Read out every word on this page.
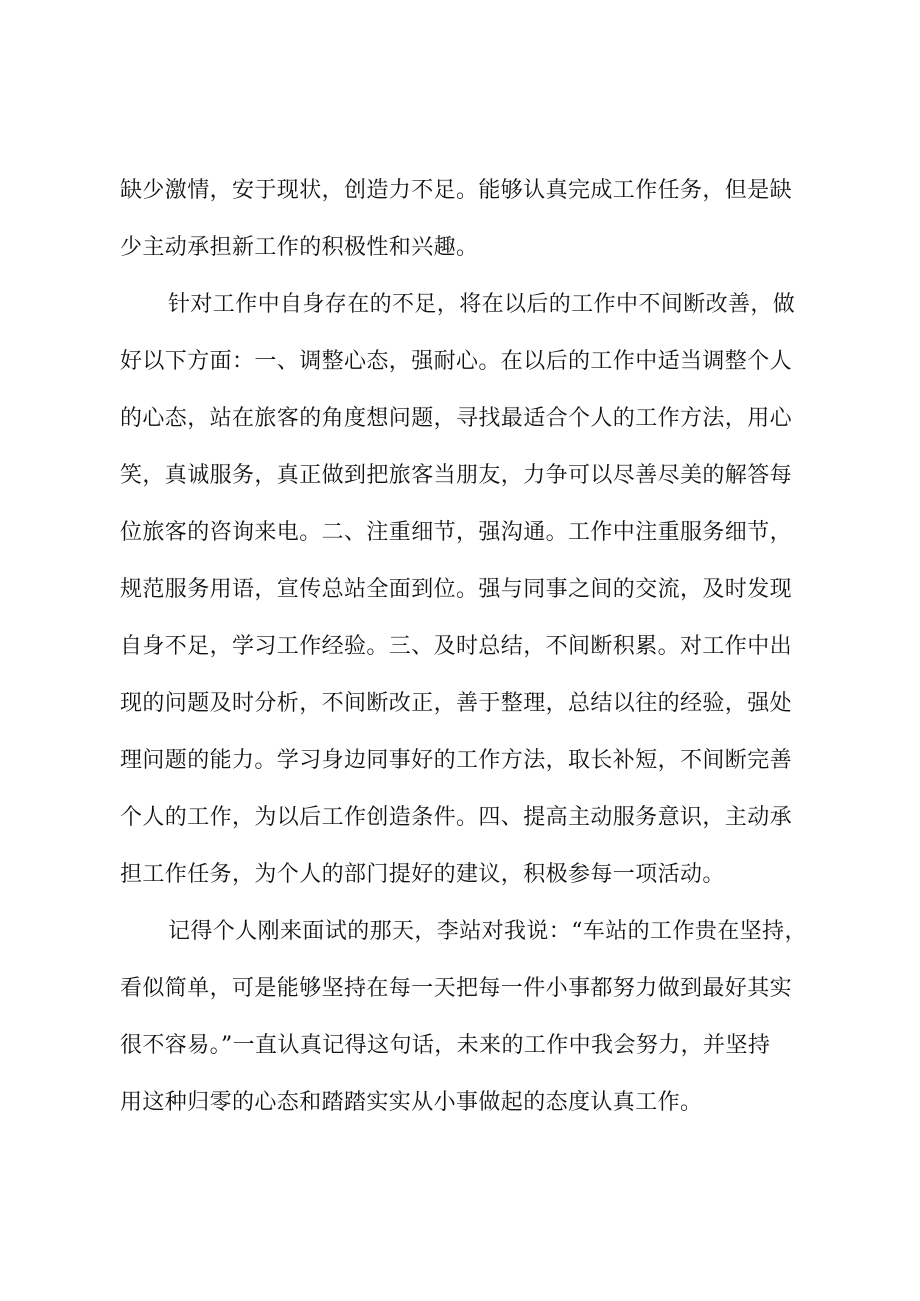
缺少激情，安于现状，创造力不足。能够认真完成工作任务，但是缺

少主动承担新工作的积极性和兴趣。

针对工作中自身存在的不足，将在以后的工作中不间断改善，做

好以下方面：一、调整心态，强耐心。在以后的工作中适当调整个人

的心态，站在旅客的角度想问题，寻找最适合个人的工作方法，用心

笑，真诚服务，真正做到把旅客当朋友，力争可以尽善尽美的解答每

位旅客的咨询来电。二、注重细节，强沟通。工作中注重服务细节，

规范服务用语，宣传总站全面到位。强与同事之间的交流，及时发现

自身不足，学习工作经验。三、及时总结，不间断积累。对工作中出

现的问题及时分析，不间断改正，善于整理，总结以往的经验，强处

理问题的能力。学习身边同事好的工作方法，取长补短，不间断完善

个人的工作，为以后工作创造条件。四、提高主动服务意识，主动承

担工作任务，为个人的部门提好的建议，积极参每一项活动。

记得个人刚来面试的那天，李站对我说：“车站的工作贵在坚持，

看似简单，可是能够坚持在每一天把每一件小事都努力做到最好其实

很不容易。”一直认真记得这句话，未来的工作中我会努力，并坚持

用这种归零的心态和踏踏实实从小事做起的态度认真工作。
